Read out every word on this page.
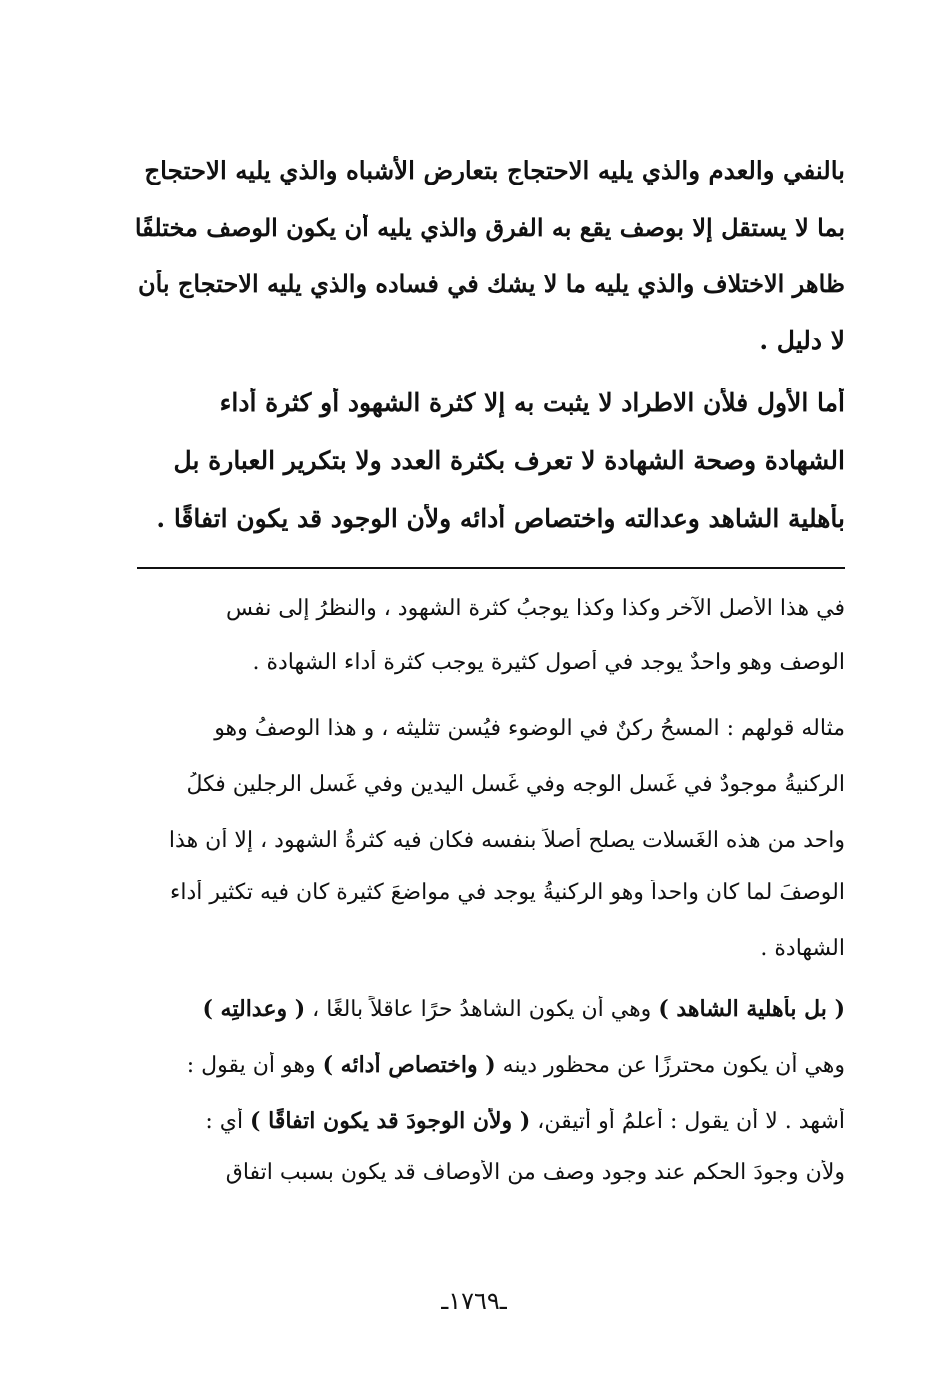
بالنفي والعدم والذي يليه الاحتجاج بتعارض الأشباه والذي يليه الاحتجاج
بما لا يستقل إلا بوصف يقع به الفرق والذي يليه أن يكون الوصف مختلفًا
ظاهر الاختلاف والذي يليه ما لا يشك في فساده والذي يليه الاحتجاج بأن
لا دليل .
أما الأول فلأن الاطراد لا يثبت به إلا كثرة الشهود أو كثرة أداء
الشهادة وصحة الشهادة لا تعرف بكثرة العدد ولا بتكرير العبارة بل
بأهلية الشاهد وعدالته واختصاص أدائه ولأن الوجود قد يكون اتفاقًا .
في هذا الأصل الآخر وكذا وكذا يوجبُ كثرة الشهود ، والنظرُ إلى نفس
الوصف وهو واحدٌ يوجد في أصول كثيرة يوجب كثرة أداء الشهادة .
مثاله قولهم : المسحُ ركنٌ في الوضوء فيُسن تثليثه ، و هذا الوصفُ وهو
الركنيةُ موجودٌ في غَسل الوجه وفي غَسل اليدين وفي غَسل الرجلين فكلُ
واحد من هذه الغَسلات يصلح أصلاً بنفسه فكان فيه كثرةُ الشهود ، إلا أن هذا
الوصفَ لما كان واحداً وهو الركنيةُ يوجد في مواضعَ كثيرة كان فيه تكثير أداء
الشهادة .
( بل بأهلية الشاهد ) وهي أن يكون الشاهدُ حرًا عاقلاً بالغًا ، ( وعدالتِه )
وهي أن يكون محترزًا عن محظور دينه ( واختصاصِ أدائه ) وهو أن يقول :
أشهد . لا أن يقول : أعلمُ أو أتيقن، ( ولأن الوجودَ قد يكون اتفاقًا ) أي :
ولأن وجودَ الحكم عند وجود وصف من الأوصاف قد يكون بسبب اتفاق
ـ١٧٦٩ـ
